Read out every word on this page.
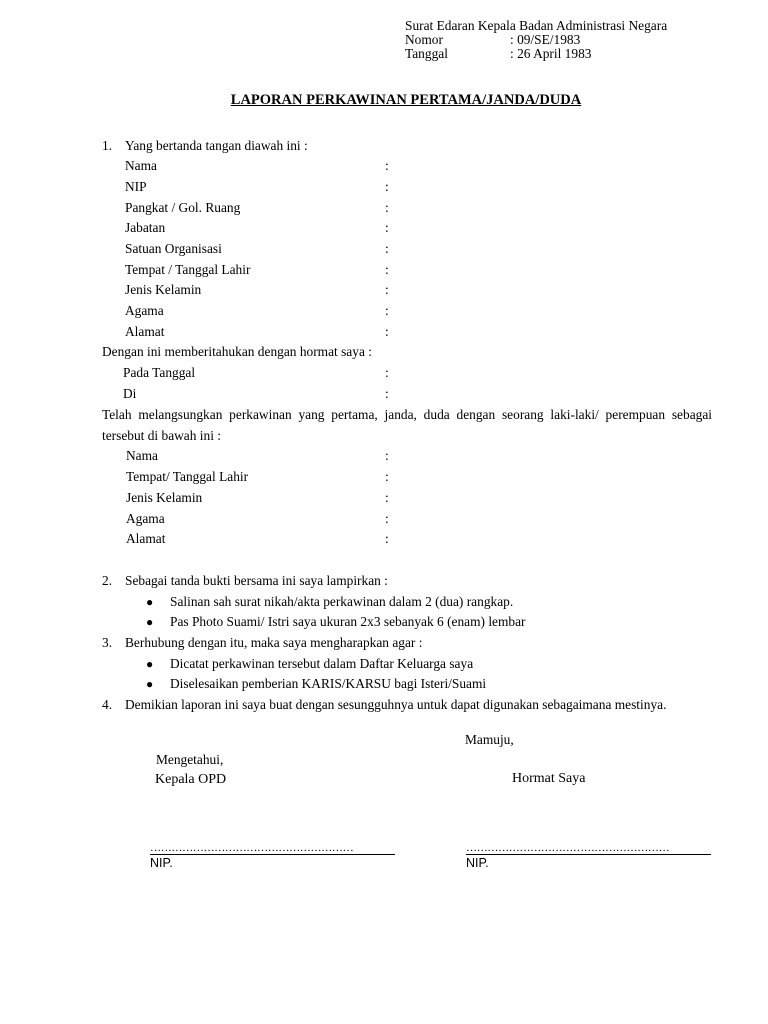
Surat Edaran Kepala Badan Administrasi Negara
Nomor	: 09/SE/1983
Tanggal	: 26 April 1983
LAPORAN PERKAWINAN PERTAMA/JANDA/DUDA
1. Yang bertanda tangan diawah ini :
Nama	:
NIP	:
Pangkat / Gol. Ruang	:
Jabatan	:
Satuan Organisasi	:
Tempat / Tanggal Lahir	:
Jenis Kelamin	:
Agama	:
Alamat	:
Dengan ini memberitahukan dengan hormat saya :
Pada Tanggal	:
Di	:
Telah melangsungkan perkawinan yang pertama, janda, duda dengan seorang laki-laki/ perempuan sebagai
tersebut di bawah ini :
Nama	:
Tempat/ Tanggal Lahir	:
Jenis Kelamin	:
Agama	:
Alamat	:
2. Sebagai tanda bukti bersama ini saya lampirkan :
● Salinan sah surat nikah/akta perkawinan dalam 2 (dua) rangkap.
● Pas Photo Suami/ Istri saya ukuran 2x3 sebanyak 6 (enam) lembar
3. Berhubung dengan itu, maka saya mengharapkan agar :
● Dicatat perkawinan tersebut dalam Daftar Keluarga saya
● Diselesaikan pemberian KARIS/KARSU bagi Isteri/Suami
4. Demikian laporan ini saya buat dengan sesungguhnya untuk dapat digunakan sebagaimana mestinya.
Mamuju,
Mengetahui,
Kepala OPD	Hormat Saya
…………………………………………………
NIP.
…………………………………………………
NIP.
